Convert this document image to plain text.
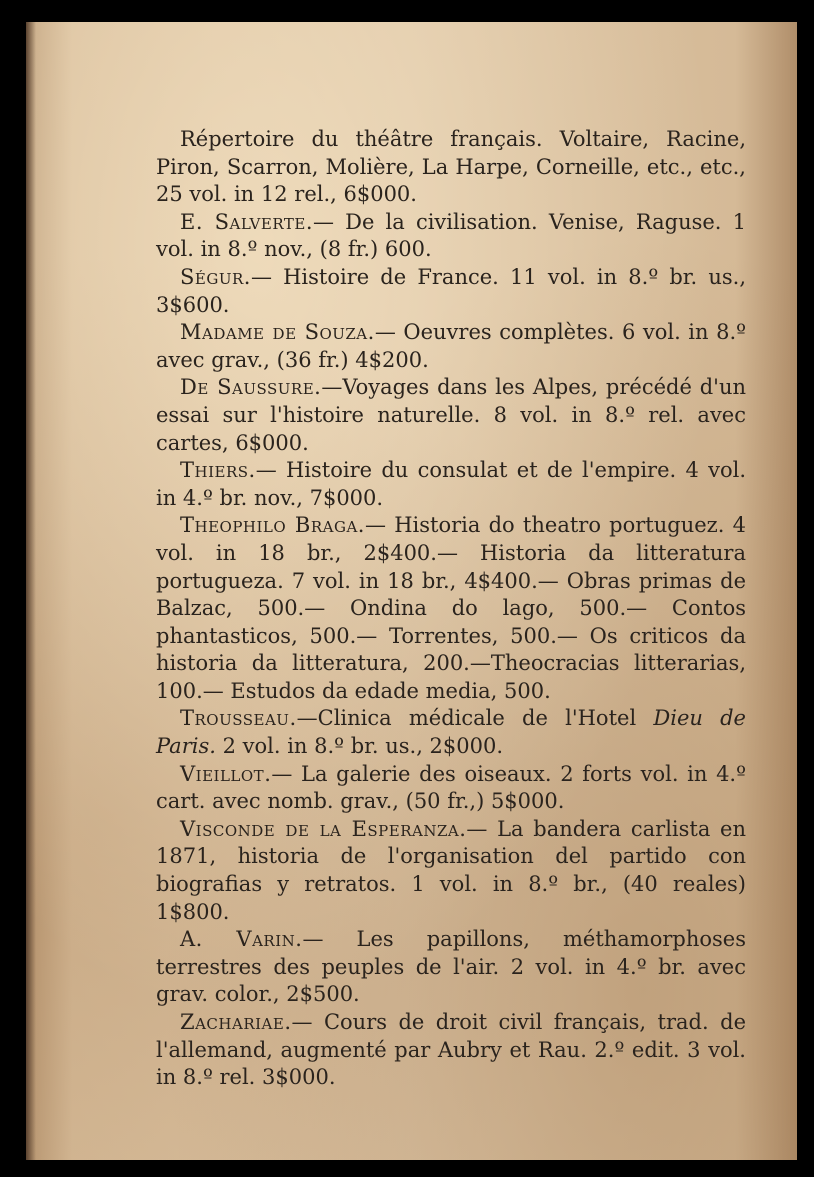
Répertoire du théâtre français. Voltaire, Racine, Piron, Scarron, Molière, La Harpe, Corneille, etc., etc., 25 vol. in 12 rel., 6$000.

E. Salverte.— De la civilisation. Venise, Raguse. 1 vol. in 8.º nov., (8 fr.) 600.

Ségur.— Histoire de France. 11 vol. in 8.º br. us., 3$600.

Madame de Souza.— Oeuvres complètes. 6 vol. in 8.º avec grav., (36 fr.) 4$200.

De Saussure.—Voyages dans les Alpes, précédé d'un essai sur l'histoire naturelle. 8 vol. in 8.º rel. avec cartes, 6$000.

Thiers.— Histoire du consulat et de l'empire. 4 vol. in 4.º br. nov., 7$000.

Theophilo Braga.— Historia do theatro portuguez. 4 vol. in 18 br., 2$400.— Historia da litteratura portugueza. 7 vol. in 18 br., 4$400.— Obras primas de Balzac, 500.— Ondina do lago, 500.— Contos phantasticos, 500.— Torrentes, 500.— Os criticos da historia da litteratura, 200.—Theocracias litterarias, 100.— Estudos da edade media, 500.

Trousseau.—Clinica médicale de l'Hotel Dieu de Paris. 2 vol. in 8.º br. us., 2$000.

Vieillot.— La galerie des oiseaux. 2 forts vol. in 4.º cart. avec nomb. grav., (50 fr.,) 5$000.

Visconde de la Esperanza.— La bandera carlista en 1871, historia de l'organisation del partido con biografias y retratos. 1 vol. in 8.º br., (40 reales) 1$800.

A. Varin.— Les papillons, méthamorphoses terrestres des peuples de l'air. 2 vol. in 4.º br. avec grav. color., 2$500.

Zachariae.— Cours de droit civil français, trad. de l'allemand, augmenté par Aubry et Rau. 2.º edit. 3 vol. in 8.º rel. 3$000.
